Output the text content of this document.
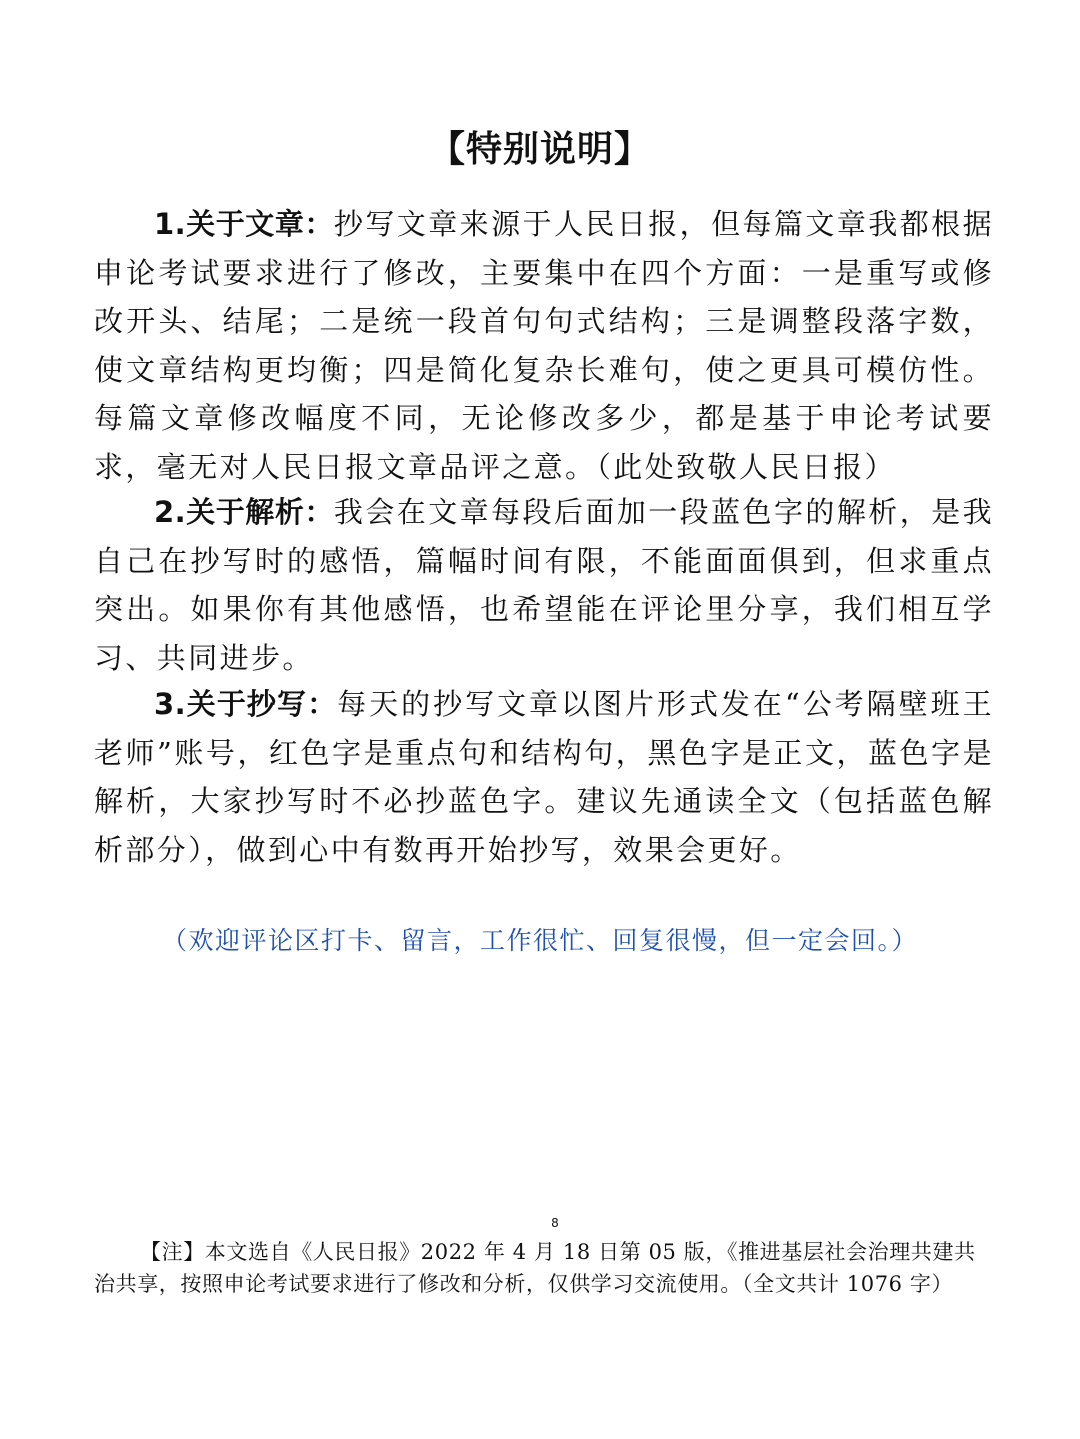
【特别说明】

1.关于文章：抄写文章来源于人民日报，但每篇文章我都根据申论考试要求进行了修改，主要集中在四个方面：一是重写或修改开头、结尾；二是统一段首句句式结构；三是调整段落字数，使文章结构更均衡；四是简化复杂长难句，使之更具可模仿性。每篇文章修改幅度不同，无论修改多少，都是基于申论考试要求，毫无对人民日报文章品评之意。（此处致敬人民日报）

2.关于解析：我会在文章每段后面加一段蓝色字的解析，是我自己在抄写时的感悟，篇幅时间有限，不能面面俱到，但求重点突出。如果你有其他感悟，也希望能在评论里分享，我们相互学习、共同进步。

3.关于抄写：每天的抄写文章以图片形式发在“公考隔壁班王老师”账号，红色字是重点句和结构句，黑色字是正文，蓝色字是解析，大家抄写时不必抄蓝色字。建议先通读全文（包括蓝色解析部分），做到心中有数再开始抄写，效果会更好。

（欢迎评论区打卡、留言，工作很忙、回复很慢，但一定会回。）
8

【注】本文选自《人民日报》2022 年 4 月 18 日第 05 版，《推进基层社会治理共建共治共享，按照申论考试要求进行了修改和分析，仅供学习交流使用。（全文共计 1076 字）
